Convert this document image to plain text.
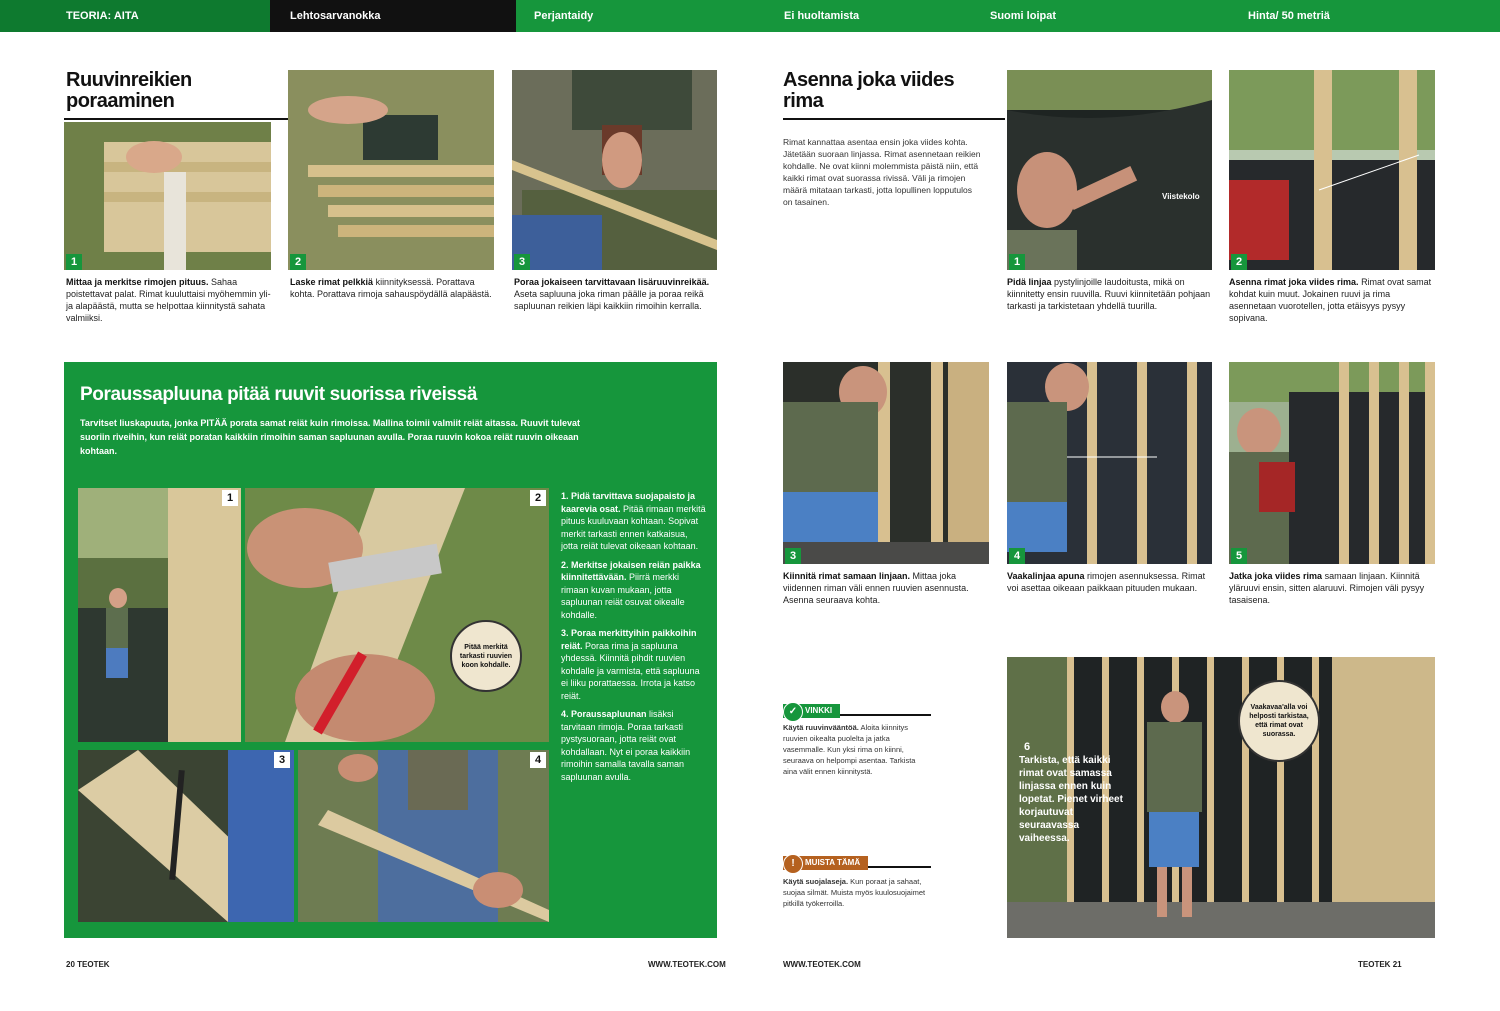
TEORIA: AITA	Lehtosarvanokka	Perjantaidy	Ei huoltamista	Suomi loipat	Hinta/ 50 metriä
Ruuvinreikien poraaminen
1	2	3
Mittaa ja merkitse rimojen pituus. Sahaa poistettavat palat. Rimat kuuluttaisi myöhemmin yli- ja alapäästä, mutta se helpottaa kiinnitystä sahata valmiiksi.
Laske rimat pelkkiä kiinnityksessä. Porattava kohta. Porattava rimoja sahauspöydällä alapäästä.
Poraa jokaiseen tarvittavaan lisäruuvinreikää. Aseta sapluuna joka riman päälle ja poraa reikä sapluunan reikien läpi kaikkiin rimoihin kerralla.
Poraussapluuna pitää ruuvit suorissa riveissä
Tarvitset liuskapuuta, jonka PITÄÄ porata samat reiät kuin rimoissa. Mallina toimii valmiit reiät aitassa. Ruuvit tulevat suoriin riveihin, kun reiät poratan kaikkiin rimoihin saman sapluunan avulla. Poraa ruuvin kokoa reiät ruuvin oikeaan kohtaan.
1	2
Pitää merkitä tarkasti ruuvien koon kohdalle.
3	4

1. Pidä tarvittava suojapaisto ja kaarevia osat. Pitää rimaan merkitä pituus kuuluvaan kohtaan. Sopivat merkit tarkasti ennen katkaisua, jotta reiät tulevat oikeaan kohtaan.

2. Merkitse jokaisen reiän paikka kiinnitettävään. Piirrä merkki rimaan kuvan mukaan, jotta sapluunan reiät osuvat oikealle kohdalle.

3. Poraa merkittyihin paikkoihin reiät. Poraa rima ja sapluuna yhdessä. Kiinnitä pihdit ruuvien kohdalle ja varmista, että sapluuna ei liiku porattaessa. Irrota ja katso reiät.

4. Poraussapluunan lisäksi tarvitaan rimoja. Poraa tarkasti pystysuoraan, jotta reiät ovat kohdallaan. Nyt ei poraa kaikkiin rimoihin samalla tavalla saman sapluunan avulla.

Asenna joka viides rima
Rimat kannattaa asentaa ensin joka viides kohta. Jätetään suoraan linjassa. Rimat asennetaan reikien kohdalle. Ne ovat kiinni molemmista päistä niin, että kaikki rimat ovat suorassa rivissä. Väli ja rimojen määrä mitataan tarkasti, jotta lopullinen lopputulos on tasainen.
Viistekolo
1	2
Pidä linjaa pystylinjoille laudoitusta, mikä on kiinnitetty ensin ruuvilla. Ruuvi kiinnitetään pohjaan tarkasti ja tarkistetaan yhdellä tuurilla.
Asenna rimat joka viides rima. Rimat ovat samat kohdat kuin muut. Jokainen ruuvi ja rima asennetaan vuorotellen, jotta etäisyys pysyy sopivana.
3	4	5
Kiinnitä rimat samaan linjaan. Mittaa joka viidennen riman väli ennen ruuvien asennusta. Asenna seuraava kohta.
Vaakalinjaa apuna rimojen asennuksessa. Rimat voi asettaa oikeaan paikkaan pituuden mukaan.
Jatka joka viides rima samaan linjaan. Kiinnitä yläruuvi ensin, sitten alaruuvi. Rimojen väli pysyy tasaisena.
✓ VINKKI
Käytä ruuvinvääntöä. Aloita kiinnitys ruuvien oikealta puolelta ja jatka vasemmalle. Kun yksi rima on kiinni, seuraava on helpompi asentaa. Tarkista aina välit ennen kiinnitystä.
!	MUISTA TÄMÄ
Käytä suojalaseja. Kun poraat ja sahaat, suojaa silmät. Muista myös kuulosuojaimet pitkillä työkerroilla.
6
Tarkista, että kaikki rimat ovat samassa linjassa ennen kuin lopetat. Pienet virheet korjautuvat seuraavassa vaiheessa.
Vaakavaa'alla voi helposti tarkistaa, että rimat ovat suorassa.
20 TEOTEK	WWW.TEOTEK.COM	WWW.TEOTEK.COM	TEOTEK 21
